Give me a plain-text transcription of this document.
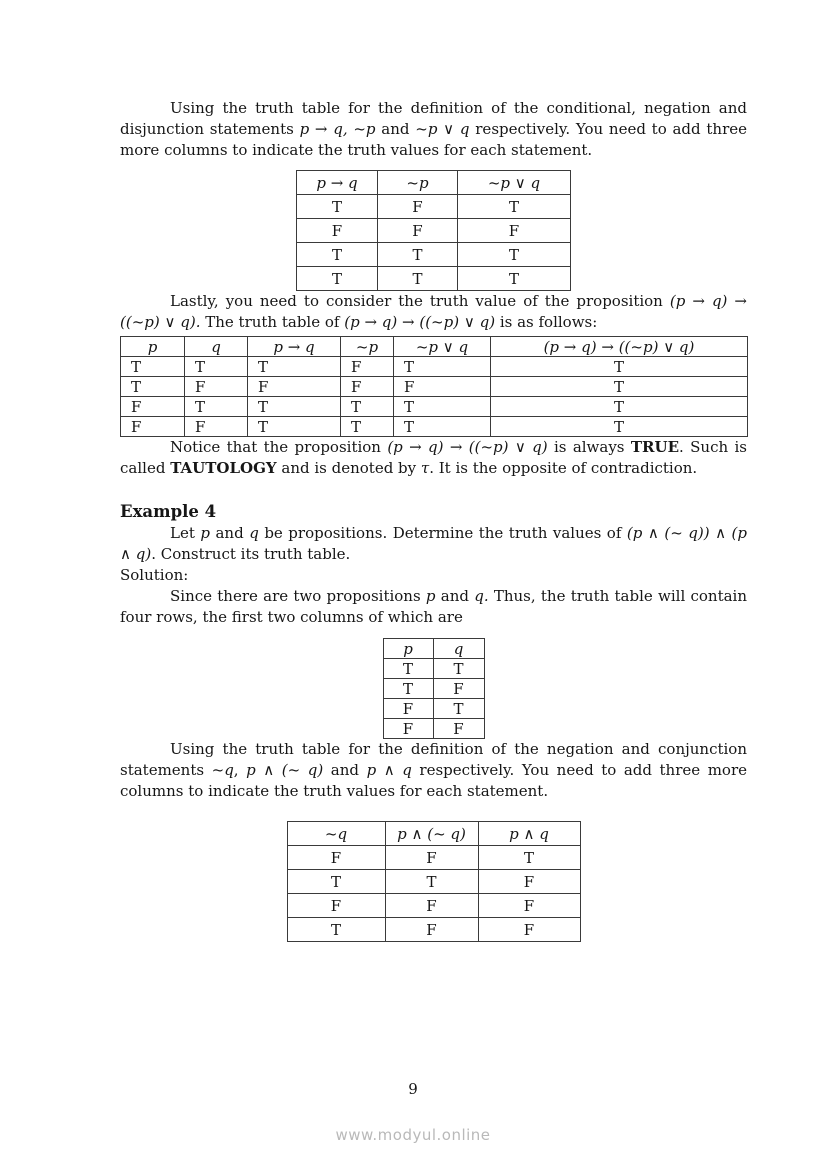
Using the truth table for the definition of the conditional, negation and disjunction statements p → q, ~p and ~p ∨ q respectively. You need to add three more columns to indicate the truth values for each statement.

p → q	~p	~p ∨ q
T	F	T
F	F	F
T	T	T
T	T	T

Lastly, you need to consider the truth value of the proposition (p → q) → ((~p) ∨ q). The truth table of (p → q) → ((~p) ∨ q) is as follows:

p	q	p → q	~p	~p ∨ q	(p → q) → ((~p) ∨ q)
T	T	T	F	T	T
T	F	F	F	F	T
F	T	T	T	T	T
F	F	T	T	T	T

Notice that the proposition (p → q) → ((~p) ∨ q) is always TRUE. Such is called TAUTOLOGY and is denoted by τ. It is the opposite of contradiction.

Example 4

Let p and q be propositions. Determine the truth values of (p ∧ (~ q)) ∧ (p ∧ q). Construct its truth table.

Solution:

Since there are two propositions p and q. Thus, the truth table will contain four rows, the first two columns of which are

p	q
T	T
T	F
F	T
F	F

Using the truth table for the definition of the negation and conjunction statements ~q, p ∧ (~ q) and p ∧ q respectively. You need to add three more columns to indicate the truth values for each statement.

~q	p ∧ (~ q)	p ∧ q
F	F	T
T	T	F
F	F	F
T	F	F
9
www.modyul.online
